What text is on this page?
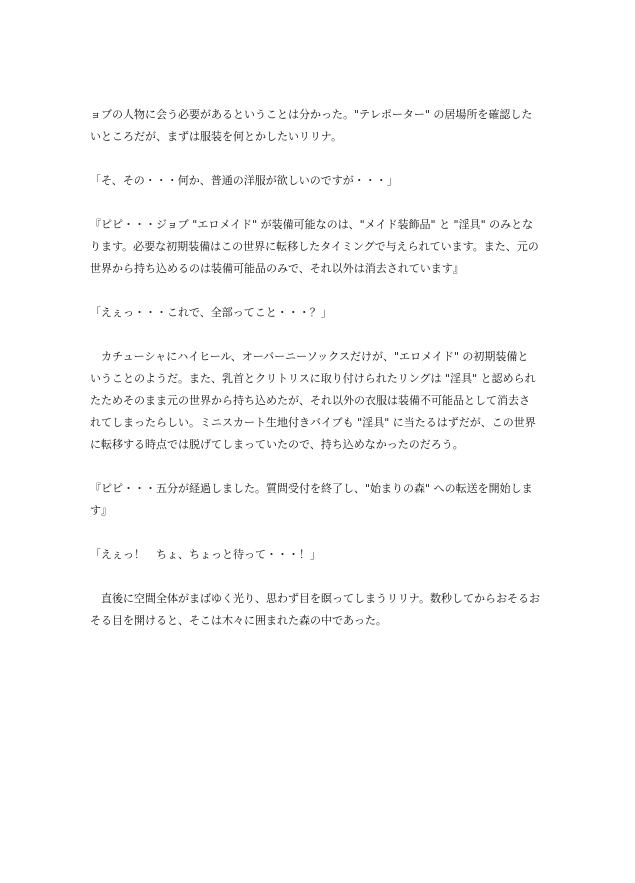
ョブの人物に会う必要があるということは分かった。"テレポーター" の居場所を確認した
いところだが、まずは服装を何とかしたいリリナ。

「そ、その・・・何か、普通の洋服が欲しいのですが・・・」

『ピピ・・・ジョブ "エロメイド" が装備可能なのは、"メイド装飾品" と "淫具" のみとな
ります。必要な初期装備はこの世界に転移したタイミングで与えられています。また、元の
世界から持ち込めるのは装備可能品のみで、それ以外は消去されています』

「えぇっ・・・これで、全部ってこと・・・？」

　カチューシャにハイヒール、オーバーニーソックスだけが、"エロメイド" の初期装備と
いうことのようだ。また、乳首とクリトリスに取り付けられたリングは "淫具" と認められ
たためそのまま元の世界から持ち込めたが、それ以外の衣服は装備不可能品として消去さ
れてしまったらしい。ミニスカート生地付きバイブも "淫具" に当たるはずだが、この世界
に転移する時点では脱げてしまっていたので、持ち込めなかったのだろう。

『ピピ・・・五分が経過しました。質問受付を終了し、"始まりの森" への転送を開始しま
す』

「えぇっ！　ちょ、ちょっと待って・・・！」

　直後に空間全体がまばゆく光り、思わず目を瞑ってしまうリリナ。数秒してからおそるお
そる目を開けると、そこは木々に囲まれた森の中であった。
